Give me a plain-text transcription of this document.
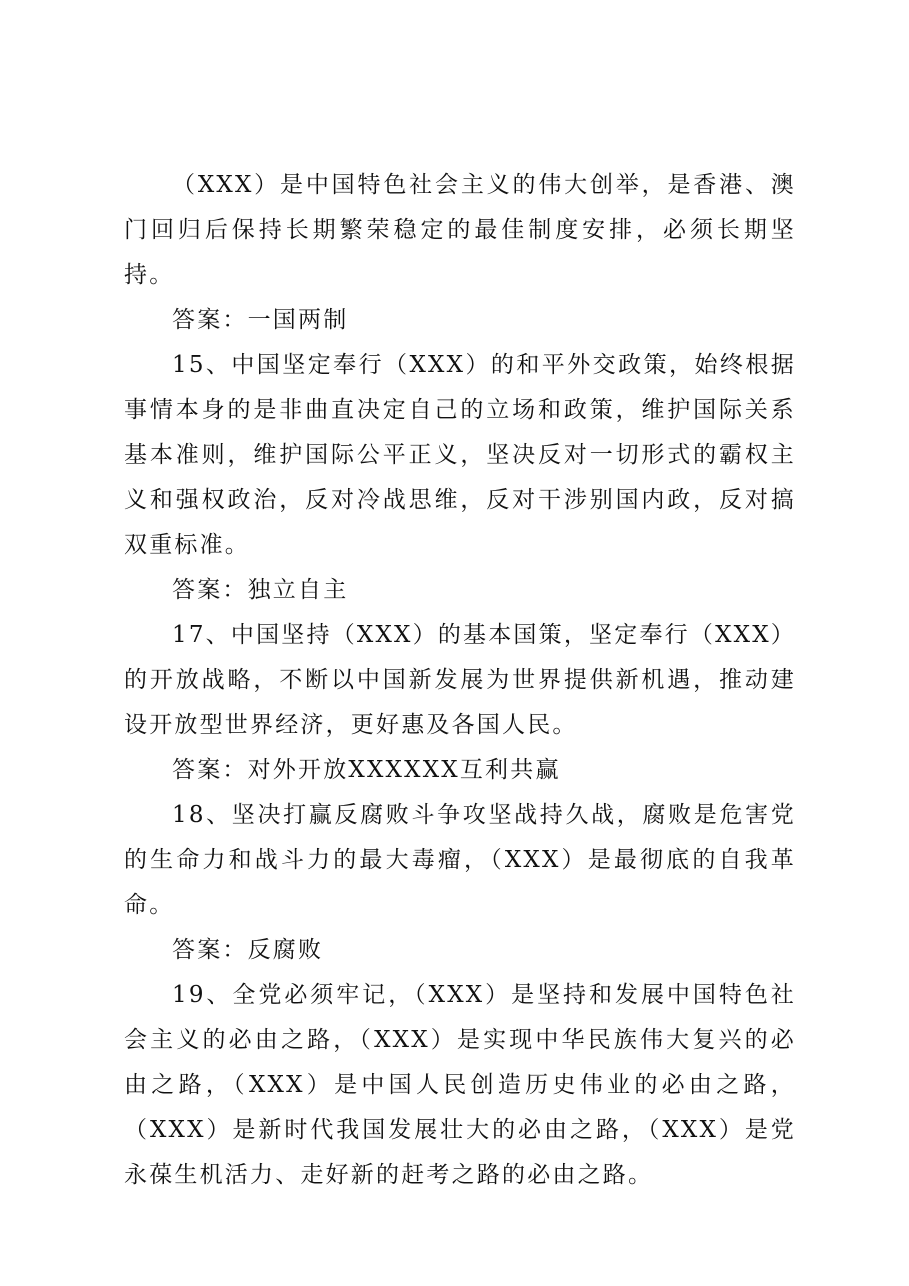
（XXX）是中国特色社会主义的伟大创举，是香港、澳门回归后保持长期繁荣稳定的最佳制度安排，必须长期坚持。

答案：一国两制

15、中国坚定奉行（XXX）的和平外交政策，始终根据事情本身的是非曲直决定自己的立场和政策，维护国际关系基本准则，维护国际公平正义，坚决反对一切形式的霸权主义和强权政治，反对冷战思维，反对干涉别国内政，反对搞双重标准。

答案：独立自主

17、中国坚持（XXX）的基本国策，坚定奉行（XXX）的开放战略，不断以中国新发展为世界提供新机遇，推动建设开放型世界经济，更好惠及各国人民。

答案：对外开放XXXXXX互利共赢

18、坚决打赢反腐败斗争攻坚战持久战，腐败是危害党的生命力和战斗力的最大毒瘤，（XXX）是最彻底的自我革命。

答案：反腐败

19、全党必须牢记，（XXX）是坚持和发展中国特色社会主义的必由之路，（XXX）是实现中华民族伟大复兴的必由之路，（XXX）是中国人民创造历史伟业的必由之路，（XXX）是新时代我国发展壮大的必由之路，（XXX）是党永葆生机活力、走好新的赶考之路的必由之路。
